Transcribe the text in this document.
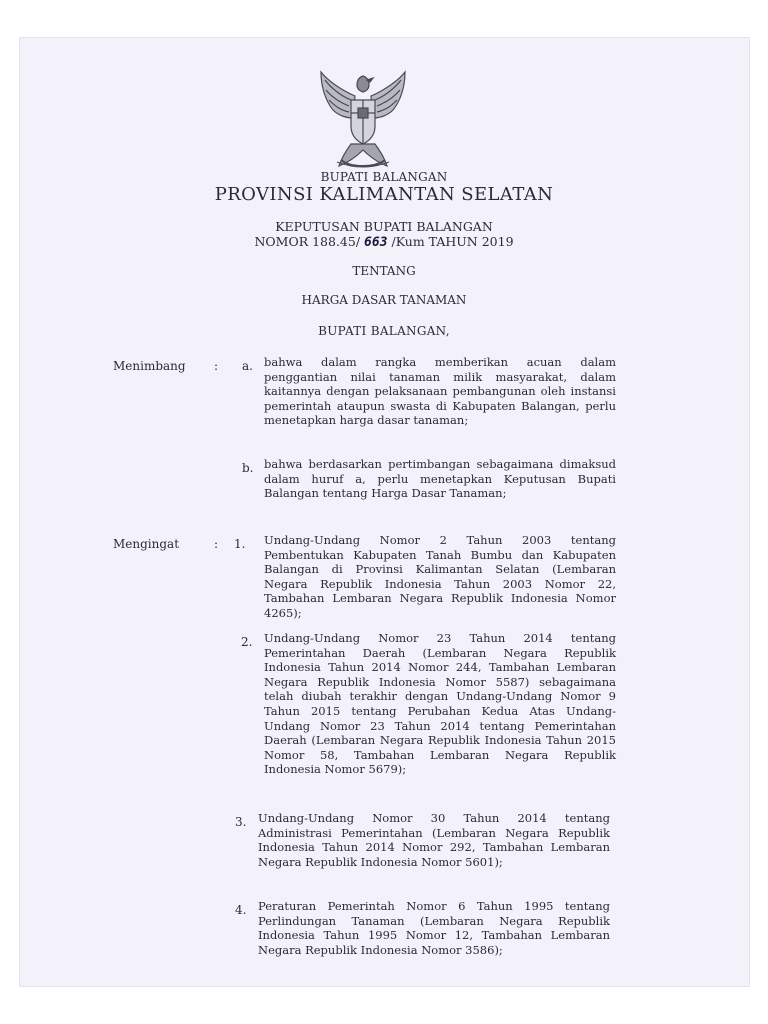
BUPATI BALANGAN
PROVINSI KALIMANTAN SELATAN
KEPUTUSAN BUPATI BALANGAN
NOMOR 188.45/ 663 /Kum TAHUN 2019
TENTANG
HARGA DASAR TANAMAN
BUPATI BALANGAN,
Menimbang : a. bahwa dalam rangka memberikan acuan dalam penggantian nilai tanaman milik masyarakat, dalam kaitannya dengan pelaksanaan pembangunan oleh instansi pemerintah ataupun swasta di Kabupaten Balangan, perlu menetapkan harga dasar tanaman;

b. bahwa berdasarkan pertimbangan sebagaimana dimaksud dalam huruf a, perlu menetapkan Keputusan Bupati Balangan tentang Harga Dasar Tanaman;

Mengingat	: 1. Undang-Undang Nomor 2 Tahun 2003 tentang Pembentukan Kabupaten Tanah Bumbu dan Kabupaten Balangan di Provinsi Kalimantan Selatan (Lembaran Negara Republik Indonesia Tahun 2003 Nomor 22, Tambahan Lembaran Negara Republik Indonesia Nomor 4265);

2. Undang-Undang Nomor 23 Tahun 2014 tentang Pemerintahan Daerah (Lembaran Negara Republik Indonesia Tahun 2014 Nomor 244, Tambahan Lembaran Negara Republik Indonesia Nomor 5587) sebagaimana telah diubah terakhir dengan Undang-Undang Nomor 9 Tahun 2015 tentang Perubahan Kedua Atas Undang-Undang Nomor 23 Tahun 2014 tentang Pemerintahan Daerah (Lembaran Negara Republik Indonesia Tahun 2015 Nomor 58, Tambahan Lembaran Negara Republik Indonesia Nomor 5679);

3. Undang-Undang Nomor 30 Tahun 2014 tentang Administrasi Pemerintahan (Lembaran Negara Republik Indonesia Tahun 2014 Nomor 292, Tambahan Lembaran Negara Republik Indonesia Nomor 5601);

4. Peraturan Pemerintah Nomor 6 Tahun 1995 tentang Perlindungan Tanaman (Lembaran Negara Republik Indonesia Tahun 1995 Nomor 12, Tambahan Lembaran Negara Republik Indonesia Nomor 3586);
